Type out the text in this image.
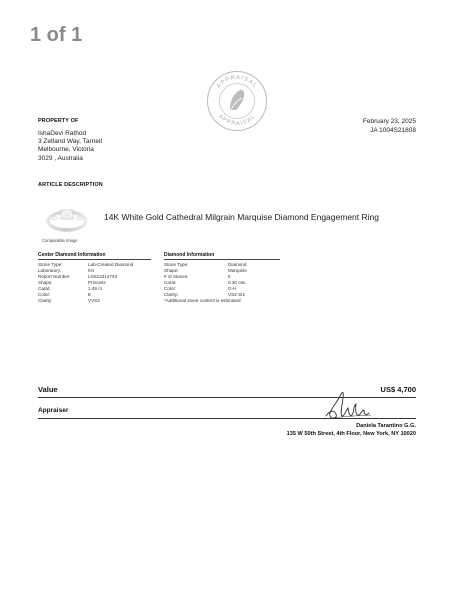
1 of 1
APPRAISAL
APPRAISAL
PROPERTY OF
IshaDevi Rathod
3 Zetland Way, Tarneit
Melbourne, Victoria
3029 , Australia
February 23, 2025
JA 1004S21808
ARTICLE DESCRIPTION
Comparable Image
14K White Gold Cathedral Milgrain Marquise Diamond Engagement Ring
Center Diamond Information
Stone Type:	Lab-Created Diamond
Laboratory:	IGI
Report Number:	LG612314753
Shape:	Princess
Carat:	1.49 ct.
Color:	E
Clarity:	VVS2
Diamond Information
Stone Type:	Diamond
Shape:	Marquise
# of Stones:	6
Carat:	0.30 ctw.
Color:	G-H
Clarity:	VS2-SI1
*Additional stone content is estimated
Value	US$ 4,700
Appraiser
Daniela Tarantino G.G.
135 W 50th Street, 4th Floor, New York, NY 10020
